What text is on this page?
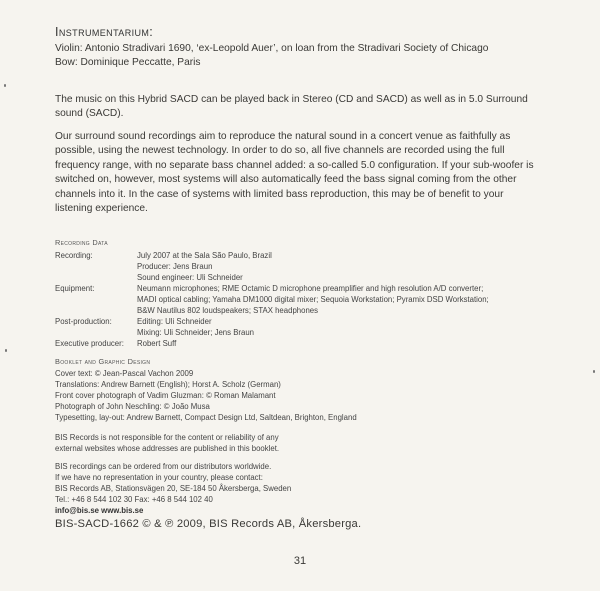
Instrumentarium:
Violin: Antonio Stradivari 1690, ‘ex-Leopold Auer’, on loan from the Stradivari Society of Chicago
Bow: Dominique Peccatte, Paris
The music on this Hybrid SACD can be played back in Stereo (CD and SACD) as well as in 5.0 Surround
sound (SACD).
Our surround sound recordings aim to reproduce the natural sound in a concert venue as faithfully as
possible, using the newest technology. In order to do so, all five channels are recorded using the full
frequency range, with no separate bass channel added: a so-called 5.0 configuration. If your sub-woofer is
switched on, however, most systems will also automatically feed the bass signal coming from the other
channels into it. In the case of systems with limited bass reproduction, this may be of benefit to your
listening experience.
Recording Data
Recording:	July 2007 at the Sala São Paulo, Brazil
Producer: Jens Braun
Sound engineer: Uli Schneider
Equipment:	Neumann microphones; RME Octamic D microphone preamplifier and high resolution A/D converter;
MADI optical cabling; Yamaha DM1000 digital mixer; Sequoia Workstation; Pyramix DSD Workstation;
B&W Nautilus 802 loudspeakers; STAX headphones
Post-production:	Editing: Uli Schneider
Mixing: Uli Schneider; Jens Braun
Executive producer: Robert Suff
Booklet and Graphic Design
Cover text: © Jean-Pascal Vachon 2009
Translations: Andrew Barnett (English); Horst A. Scholz (German)
Front cover photograph of Vadim Gluzman: © Roman Malamant
Photograph of John Neschling: © João Musa
Typesetting, lay-out: Andrew Barnett, Compact Design Ltd, Saltdean, Brighton, England
BIS Records is not responsible for the content or reliability of any
external websites whose addresses are published in this booklet.
BIS recordings can be ordered from our distributors worldwide.
If we have no representation in your country, please contact:
BIS Records AB, Stationsvägen 20, SE-184 50 Åkersberga, Sweden
Tel.: +46 8 544 102 30 Fax: +46 8 544 102 40
info@bis.se www.bis.se
BIS-SACD-1662 © & ℗ 2009, BIS Records AB, Åkersberga.
31
